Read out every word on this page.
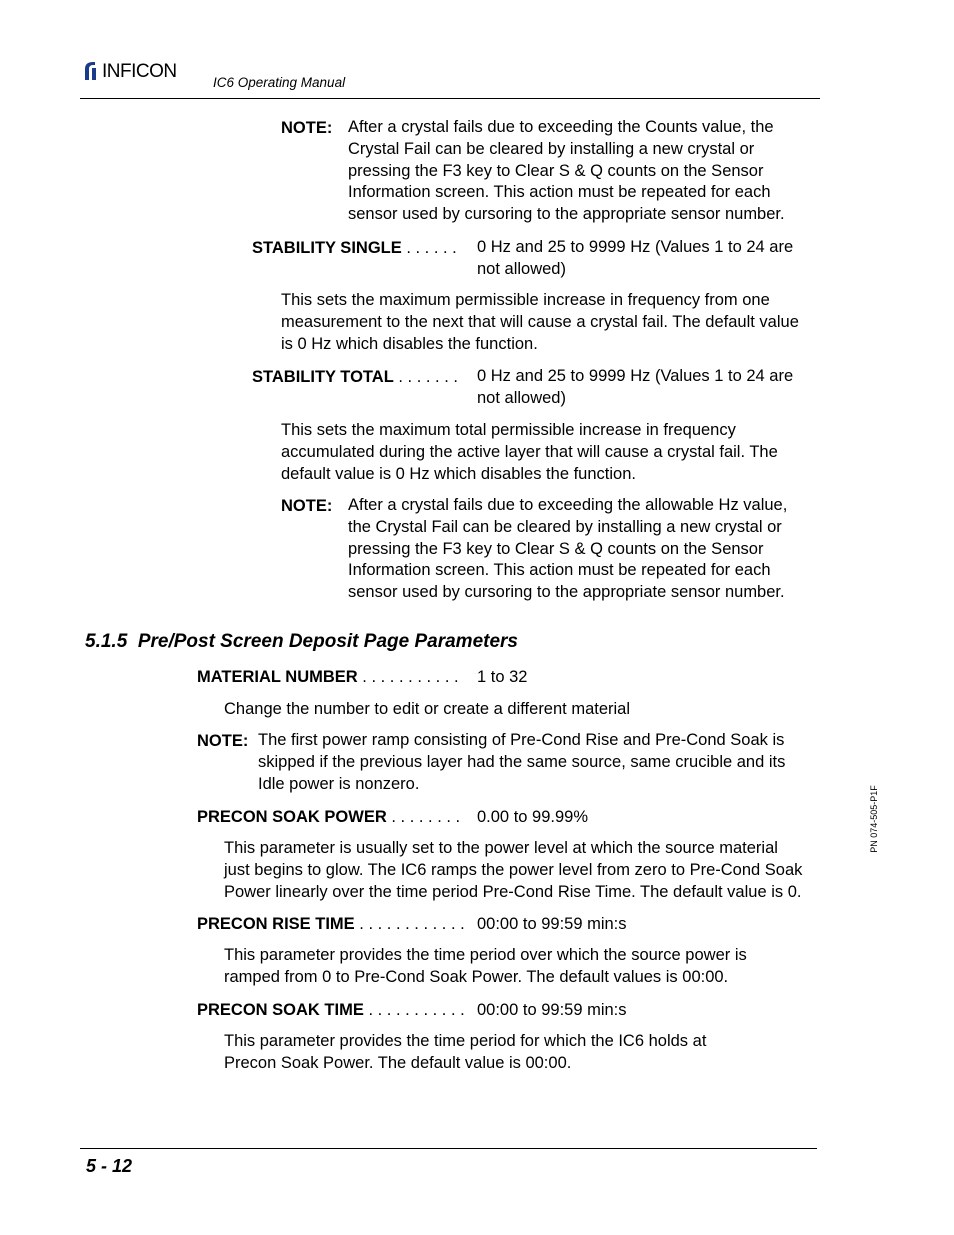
INFICON
IC6 Operating Manual
NOTE: After a crystal fails due to exceeding the Counts value, the
Crystal Fail can be cleared by installing a new crystal or
pressing the F3 key to Clear S & Q counts on the Sensor
Information screen. This action must be repeated for each
sensor used by cursoring to the appropriate sensor number.
STABILITY SINGLE . . . . . . 0 Hz and 25 to 9999 Hz (Values 1 to 24 are
not allowed)
This sets the maximum permissible increase in frequency from one
measurement to the next that will cause a crystal fail. The default value
is 0 Hz which disables the function.
STABILITY TOTAL . . . . . . . 0 Hz and 25 to 9999 Hz (Values 1 to 24 are
not allowed)
This sets the maximum total permissible increase in frequency
accumulated during the active layer that will cause a crystal fail. The
default value is 0 Hz which disables the function.
NOTE: After a crystal fails due to exceeding the allowable Hz value,
the Crystal Fail can be cleared by installing a new crystal or
pressing the F3 key to Clear S & Q counts on the Sensor
Information screen. This action must be repeated for each
sensor used by cursoring to the appropriate sensor number.
5.1.5  Pre/Post Screen Deposit Page Parameters
MATERIAL NUMBER . . . . . . . . . . . 1 to 32
Change the number to edit or create a different material
NOTE: The first power ramp consisting of Pre-Cond Rise and Pre-Cond Soak is
skipped if the previous layer had the same source, same crucible and its
Idle power is nonzero.
PRECON SOAK POWER . . . . . . . . 0.00 to 99.99%
This parameter is usually set to the power level at which the source material
just begins to glow. The IC6 ramps the power level from zero to Pre-Cond Soak
Power linearly over the time period Pre-Cond Rise Time. The default value is 0.
PRECON RISE TIME . . . . . . . . . . . . 00:00 to 99:59 min:s
This parameter provides the time period over which the source power is
ramped from 0 to Pre-Cond Soak Power. The default values is 00:00.
PRECON SOAK TIME . . . . . . . . . . . 00:00 to 99:59 min:s
This parameter provides the time period for which the IC6 holds at
Precon Soak Power. The default value is 00:00.
PN 074-505-P1F
5 - 12
